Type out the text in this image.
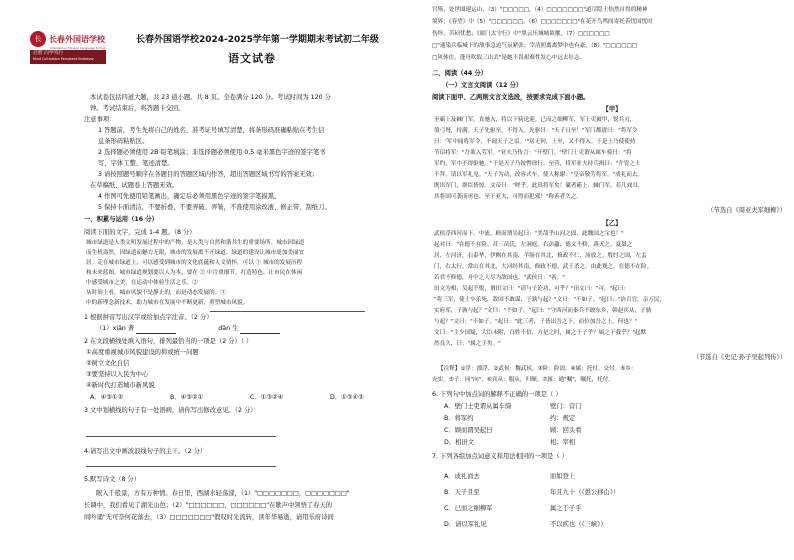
长 长春外国语学校
Changchun Foreign Language School
启智 向学笃行
Mind Cultivation Persistent Endeavor
长春外国语学校2024-2025学年第一学期期末考试初二年级
语文试卷
本试卷包括四道大题，共 23 道小题。共 8 页。全卷满分 120 分。考试时间为 120 分
钟。考试结束后，将答题卡交回。
注意事项：
1 答题前，考生先将自己的姓名、准考证号填写清楚，将条形码准确粘贴在考生信
息条形码粘贴区。
2 选择题必须使用 2B 铅笔填涂；非选择题必须使用 0.5 毫米黑色字迹的签字笔书
写，字体工整、笔迹清楚。
3 请按照题号顺序在各题目的答题区域内作答，超出答题区域书写的答案无效；
在草稿纸、试题卷上答题无效。
4 作图可先使用铅笔画出，确定后必须用黑色字迹的签字笔描黑。
5 保持卡面清洁，不要折叠，不要弄破、弄皱，不准使用涂改液、修正带、刮纸刀。
一、积累与运用（16 分）
阅读下面的文字，完成 1-4 题。（8 分）
城市绿道是人类文明发展过程中的产物，是人类与自然和谐共生的重要场所。城市因绿道
而生机盎然，因绿道而魅力无限，城市的发展离不开绿道，绿道的建设让城市更加美丽宜
居。走在城市绿道上，可以感受到城市的文化底蕴和人文情怀，可以 ① 城市的发展历程
和未来蓝图。城市绿道规划要以人为本，要在 ② 中注重细节，打造特色，让市民在休闲
中感受城市之美，在运动中体验生活之乐。②
从时间上看，城市风貌不是静止的，而是动态发展的。③
中的新理念新技术，助力城市在发展中不断更新，重塑城市风貌。
1 根据拼音写出汉字或给加点字注音。（2 分）
（1）xiǎn 著	dān 生
2 在文段横线处填入语句，排列最恰当的一项是（2 分）（ ）
①高度重视城市风貌建设的抑或统一问题
②树立文化自信
③要坚持以人民为中心
④新时代打造城市新风貌
A．④③①②	B．④③②①	C．①③②④	D．①③④②
3 文中划横线的句子有一处语病，请你写出修改意见。（2 分）
4.请写出文中画波浪线句子的主干。（2 分）
5.默写诗文（8 分）
眼入千般景，方有万种情。春日里，西湖水轻荡漾，（1）"□□□□□□□，□□□□□□□"
长调中，我们看见了湖光山色；（2）"□□□□□□，□□□□□□"在歌声中领悟了春天的
间吟诵"无可奈何花落去，（3）□□□□□□□"假叹时光流转，读年华易逝，请用乐府诗间
宫殇，处世围建运山，（3）"□□□□□，（4）□□□□□□□"道尽隐士怡然自得的精神
境界；《春望》中（5）"□□□□□□，（6）□□□□□□□"在花开鸟鸣间寄托着忧国忧时
伤怀，苦闷忧愁；《窗门太守行》中"黑云压城城欲摧，（7）□□□□□□
□"通染兵临城下的战事急迫气氛紧张；宰清照离离梦中也有豪，（8）"□□□□□□
□风休住，蓬舟吹取三山去"是她不畏艰难性发心中远去壮志。
二、阅读（44 分）
（一）文言文阅读（12 分）
阅读下面甲、乙两则文言文选段，按要求完成下面小题。
【甲】
至霸上及棘门军，直驰入，将以下骑送迎。已而之细柳军，军士吏被甲，锐兵刃，
彀弓弩，持满。天子先驱至，不得入。先驱曰："天子且至！"军门都尉曰："将军令
曰：'军中闻将军令，不闻天子之诏。'"居无何，上至，又不得入。于是上乃使使持
节诏将军："吾欲入劳军。"亚夫乃传言："开壁门。"壁门士吏谓从属车骑曰："将
军约，军中不得驱驰。"于是天子乃按辔徐行。至营，将军亚夫持兵揖曰："介胄之士
不拜，请以军礼见。"天子为动，改容式车。使人称谢："皇帝敬劳将军。"成礼而去。
既出军门，群臣皆惊。文帝曰："嗟乎，此真将军矣！曩者霸上、棘门军，若儿戏耳，
其将固可袭而虏也。至于亚夫，可得而犯邪！"称善者久之。
（节选自《周亚夫军细柳》）
【乙】
武侯浮西河而下，中流，顾而谓吴起曰："美哉乎山河之固，此魏国之宝也！"
起对曰："在德不在险。昔三苗氏，左洞庭，右彭蠡，德义不修，禹灭之。夏桀之
居，左河济，右泰华，伊阙在其南，羊肠在其北，修政不仁，汤放之。殷纣之国，左孟
门，右太行，常山在其北，大河经其南，修政不德，武王杀之。由此观之，在德不在险。
若君不修德，舟中之人尽为敌国也。"武侯曰："善。"
田文为相，吴起不悦，谓田文曰："请与子论功，可乎？"田文曰："可。"起曰：
"将三军，使士卒乐死，敌国不敢谋，子孰与起？"文曰："不如子。"起曰："治百官，亲万民，
实府库，子孰与起？"文曰："不如子。"起曰："守西河而秦兵不敢东乡，韩赵宾从，子孰
与起？"文曰："不如子。"起曰："此三者，子皆出吾之下，而位加吾之上，何也？"
文曰："主少国疑，大臣未附，百姓不信，方是之时，属之于子乎？属之于我乎？"起默
然良久，曰："属之子矣。"
（节选自《史记·孙子吴起列传》）
【注释】①浮：漂浮。②武侯：魏武侯。③险：险固。④属：托付，交付。⑤乡：
充实。⑤子：同"向"。⑥宾从：服从，归顺。⑦属：通"嘱"，嘱托，托付。
6. 下列句中加点词的解释不正确的一项是（ ）
A．壁门士吏谓从属车骑	壁门：营门
B．将军约	约：规定
C．顾而谓吴起曰	顾：回头看
D．相田文	相：宰相
7. 下列各组加点词意义和用法相同的一项是（ ）
A．成礼而去	而如登上
B．天子且至	年且九十（《愚公移山》）
C．已而之细柳军	属之于子乎
D．请以军礼见	不以疾也（《三峡》）
